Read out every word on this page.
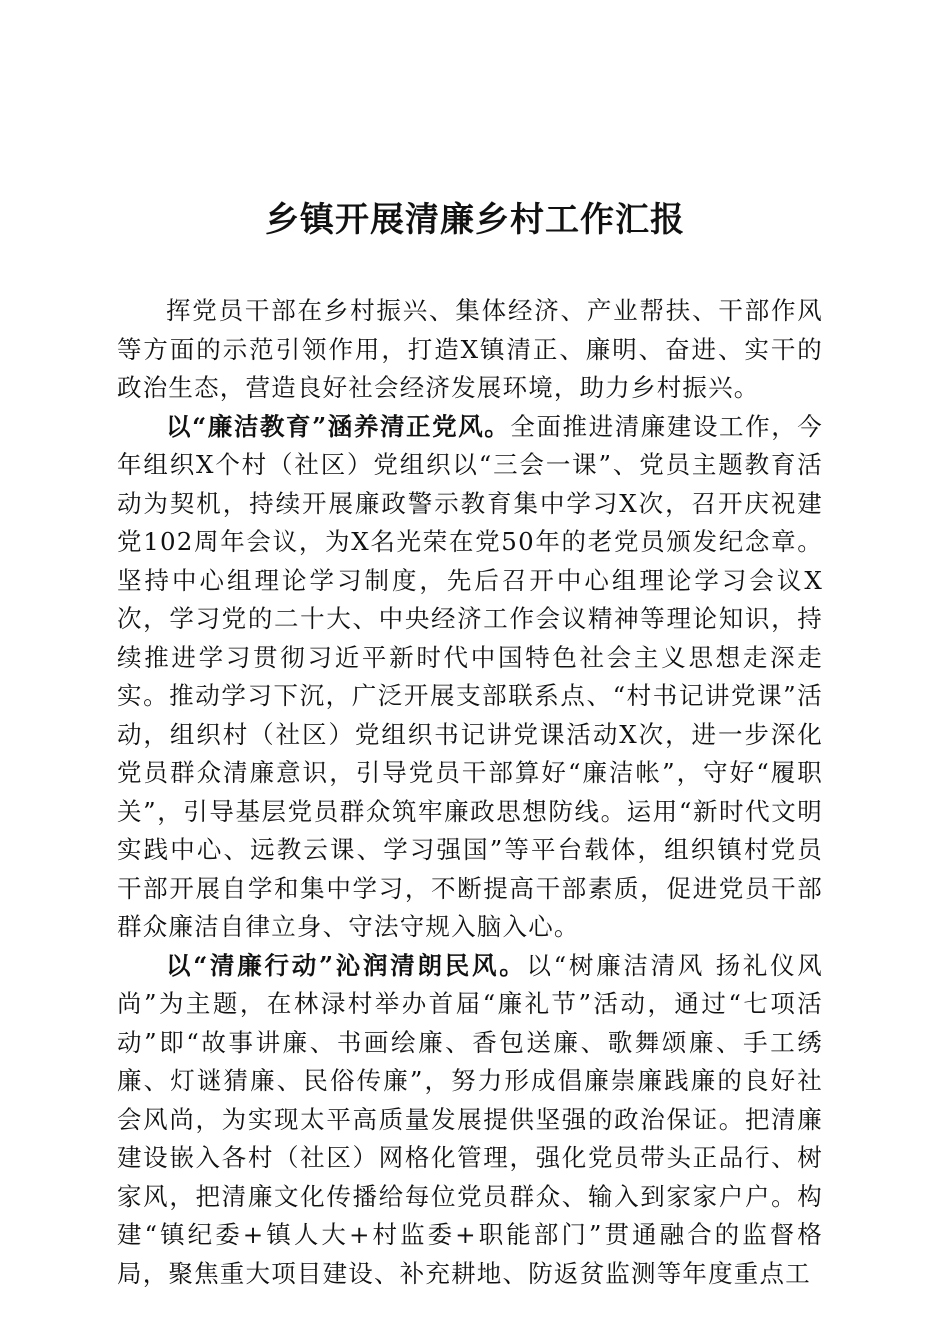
乡镇开展清廉乡村工作汇报

挥党员干部在乡村振兴、集体经济、产业帮扶、干部作风等方面的示范引领作用，打造X镇清正、廉明、奋进、实干的政治生态，营造良好社会经济发展环境，助力乡村振兴。

以“廉洁教育”涵养清正党风。全面推进清廉建设工作，今年组织X个村（社区）党组织以“三会一课”、党员主题教育活动为契机，持续开展廉政警示教育集中学习X次，召开庆祝建党102周年会议，为X名光荣在党50年的老党员颁发纪念章。坚持中心组理论学习制度，先后召开中心组理论学习会议X次，学习党的二十大、中央经济工作会议精神等理论知识，持续推进学习贯彻习近平新时代中国特色社会主义思想走深走实。推动学习下沉，广泛开展支部联系点、“村书记讲党课”活动，组织村（社区）党组织书记讲党课活动X次，进一步深化党员群众清廉意识，引导党员干部算好“廉洁帐”，守好“履职关”，引导基层党员群众筑牢廉政思想防线。运用“新时代文明实践中心、远教云课、学习强国”等平台载体，组织镇村党员干部开展自学和集中学习，不断提高干部素质，促进党员干部群众廉洁自律立身、守法守规入脑入心。

以“清廉行动”沁润清朗民风。以“树廉洁清风 扬礼仪风尚”为主题，在林渌村举办首届“廉礼节”活动，通过“七项活动”即“故事讲廉、书画绘廉、香包送廉、歌舞颂廉、手工绣廉、灯谜猜廉、民俗传廉”，努力形成倡廉崇廉践廉的良好社会风尚，为实现太平高质量发展提供坚强的政治保证。把清廉建设嵌入各村（社区）网格化管理，强化党员带头正品行、树家风，把清廉文化传播给每位党员群众、输入到家家户户。构建“镇纪委+镇人大+村监委+职能部门”贯通融合的监督格局，聚焦重大项目建设、补充耕地、防返贫监测等年度重点工
